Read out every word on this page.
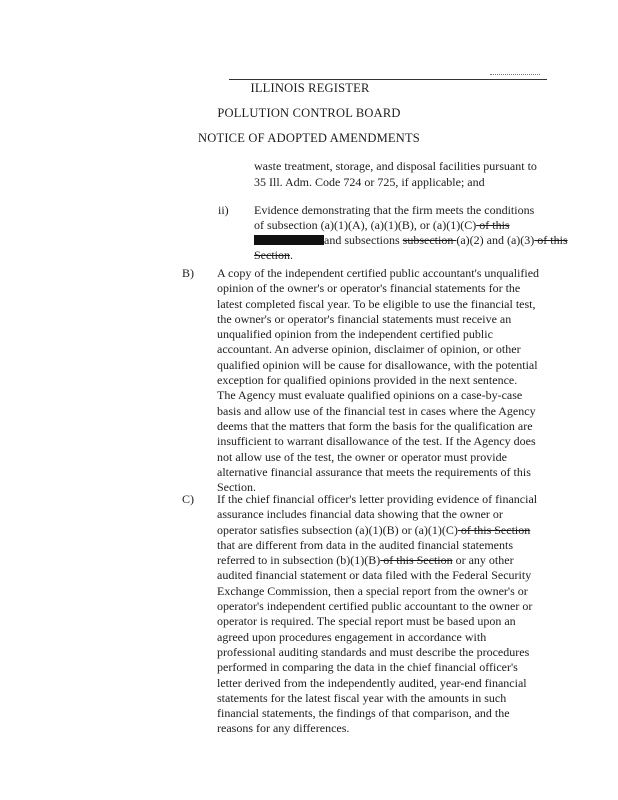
ILLINOIS REGISTER
POLLUTION CONTROL BOARD
NOTICE OF ADOPTED AMENDMENTS
waste treatment, storage, and disposal facilities pursuant to
35 Ill. Adm. Code 724 or 725, if applicable; and
ii) Evidence demonstrating that the firm meets the conditions
of subsection (a)(1)(A), (a)(1)(B), or (a)(1)(C) of this
and subsections subsection (a)(2) and (a)(3) of this
Section.
B) A copy of the independent certified public accountant's unqualified
opinion of the owner's or operator's financial statements for the
latest completed fiscal year. To be eligible to use the financial test,
the owner's or operator's financial statements must receive an
unqualified opinion from the independent certified public
accountant. An adverse opinion, disclaimer of opinion, or other
qualified opinion will be cause for disallowance, with the potential
exception for qualified opinions provided in the next sentence.
The Agency must evaluate qualified opinions on a case-by-case
basis and allow use of the financial test in cases where the Agency
deems that the matters that form the basis for the qualification are
insufficient to warrant disallowance of the test. If the Agency does
not allow use of the test, the owner or operator must provide
alternative financial assurance that meets the requirements of this
Section.
C) If the chief financial officer's letter providing evidence of financial
assurance includes financial data showing that the owner or
operator satisfies subsection (a)(1)(B) or (a)(1)(C) of this Section
that are different from data in the audited financial statements
referred to in subsection (b)(1)(B) of this Section or any other
audited financial statement or data filed with the Federal Security
Exchange Commission, then a special report from the owner's or
operator's independent certified public accountant to the owner or
operator is required. The special report must be based upon an
agreed upon procedures engagement in accordance with
professional auditing standards and must describe the procedures
performed in comparing the data in the chief financial officer's
letter derived from the independently audited, year-end financial
statements for the latest fiscal year with the amounts in such
financial statements, the findings of that comparison, and the
reasons for any differences.
